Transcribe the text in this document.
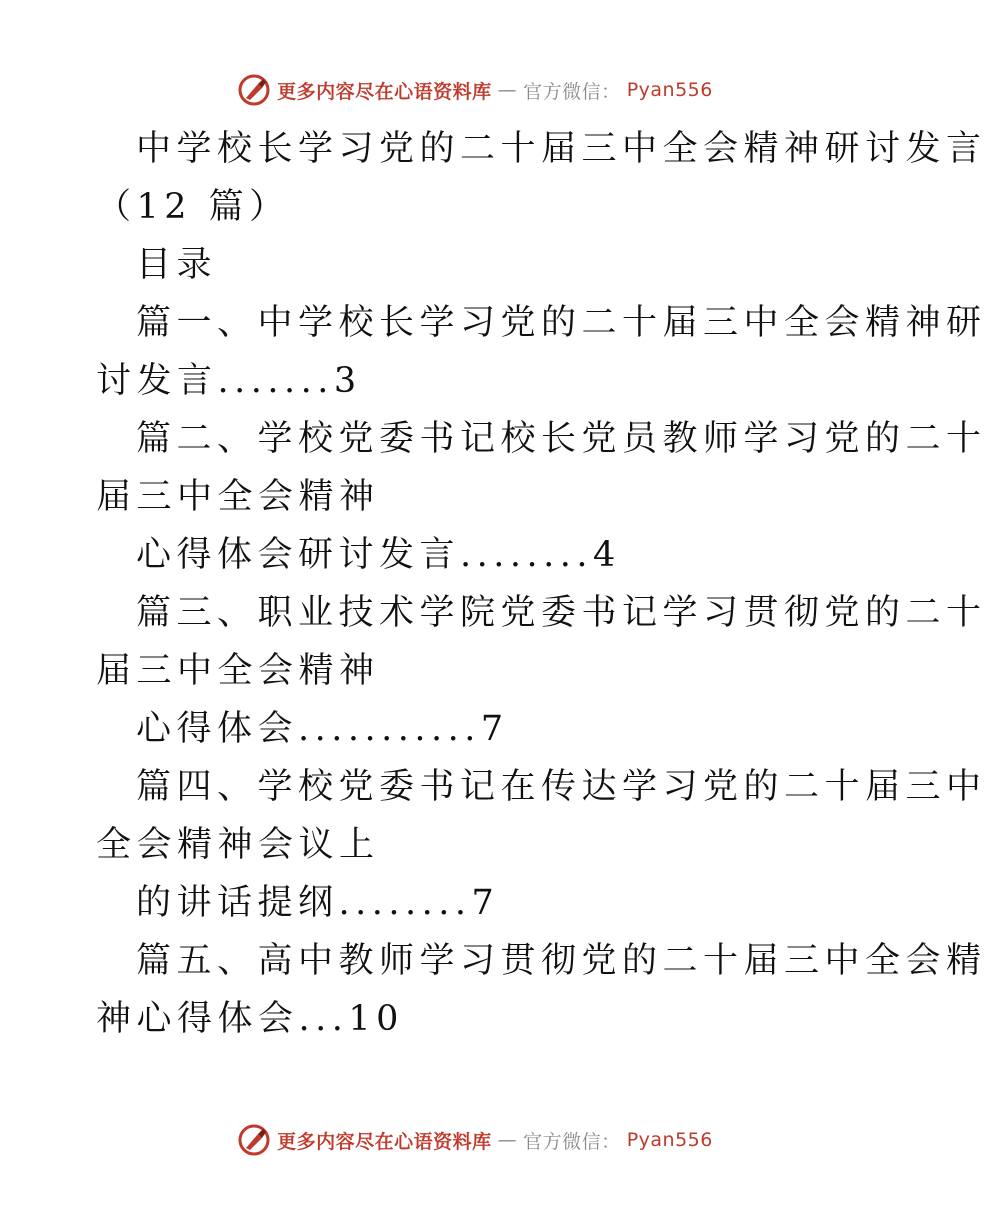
更多内容尽在心语资料库 — 官方微信： Pyan556
中学校长学习党的二十届三中全会精神研讨发言
（12 篇）
目录
篇一、中学校长学习党的二十届三中全会精神研
讨发言.......3
篇二、学校党委书记校长党员教师学习党的二十
届三中全会精神
心得体会研讨发言........4
篇三、职业技术学院党委书记学习贯彻党的二十
届三中全会精神
心得体会...........7
篇四、学校党委书记在传达学习党的二十届三中
全会精神会议上
的讲话提纲........7
篇五、高中教师学习贯彻党的二十届三中全会精
神心得体会...10
更多内容尽在心语资料库 — 官方微信： Pyan556
